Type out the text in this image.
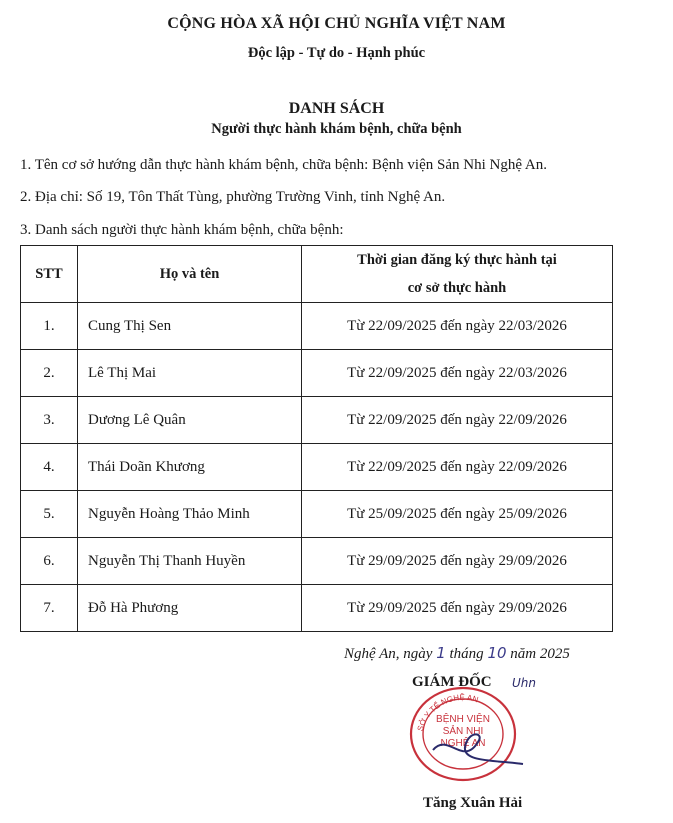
CỘNG HÒA XÃ HỘI CHỦ NGHĨA VIỆT NAM
Độc lập - Tự do - Hạnh phúc
DANH SÁCH
Người thực hành khám bệnh, chữa bệnh
1. Tên cơ sở hướng dẫn thực hành khám bệnh, chữa bệnh: Bệnh viện Sản Nhi Nghệ An.
2. Địa chỉ: Số 19, Tôn Thất Tùng, phường Trường Vinh, tỉnh Nghệ An.
3. Danh sách người thực hành khám bệnh, chữa bệnh:
STT	Họ và tên	Thời gian đăng ký thực hành tại
cơ sở thực hành

1.	Cung Thị Sen	Từ 22/09/2025 đến ngày 22/03/2026
2.	Lê Thị Mai	Từ 22/09/2025 đến ngày 22/03/2026
3.	Dương Lê Quân	Từ 22/09/2025 đến ngày 22/09/2026
4.	Thái Doãn Khương	Từ 22/09/2025 đến ngày 22/09/2026
5.	Nguyễn Hoàng Thảo Minh	Từ 25/09/2025 đến ngày 25/09/2026
6.	Nguyễn Thị Thanh Huyền	Từ 29/09/2025 đến ngày 29/09/2026
7.	Đỗ Hà Phương	Từ 29/09/2025 đến ngày 29/09/2026
Nghệ An, ngày 1 tháng 10 năm 2025
SỞ Y TẾ NGHỆ AN
BỆNH VIỆN
SẢN NHI
NGHỆ AN
GIÁM ĐỐC Uhn
Tăng Xuân Hải
